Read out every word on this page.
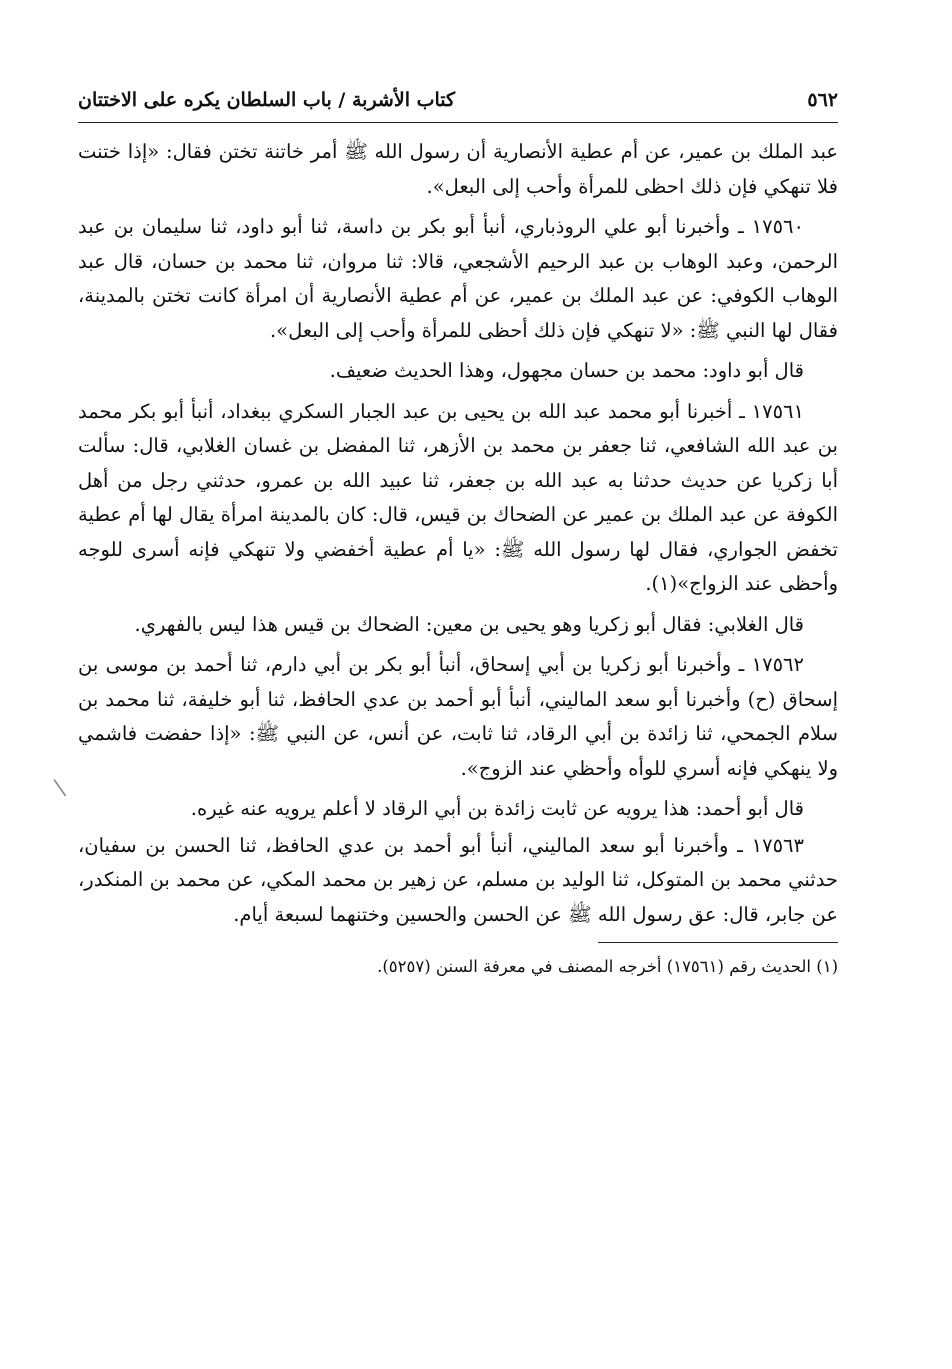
٥٦٢
كتاب الأشربة / باب السلطان يكره على الاختتان

عبد الملك بن عمير، عن أم عطية الأنصارية أن رسول الله ﷺ أمر خاتنة تختن فقال: «إذا ختنت فلا تنهكي فإن ذلك احظى للمرأة وأحب إلى البعل».

١٧٥٦٠ ـ وأخبرنا أبو علي الروذباري، أنبأ أبو بكر بن داسة، ثنا أبو داود، ثنا سليمان بن عبد الرحمن، وعبد الوهاب بن عبد الرحيم الأشجعي، قالا: ثنا مروان، ثنا محمد بن حسان، قال عبد الوهاب الكوفي: عن عبد الملك بن عمير، عن أم عطية الأنصارية أن امرأة كانت تختن بالمدينة، فقال لها النبي ﷺ: «لا تنهكي فإن ذلك أحظى للمرأة وأحب إلى البعل».

قال أبو داود: محمد بن حسان مجهول، وهذا الحديث ضعيف.

١٧٥٦١ ـ أخبرنا أبو محمد عبد الله بن يحيى بن عبد الجبار السكري ببغداد، أنبأ أبو بكر محمد بن عبد الله الشافعي، ثنا جعفر بن محمد بن الأزهر، ثنا المفضل بن غسان الغلابي، قال: سألت أبا زكريا عن حديث حدثنا به عبد الله بن جعفر، ثنا عبيد الله بن عمرو، حدثني رجل من أهل الكوفة عن عبد الملك بن عمير عن الضحاك بن قيس، قال: كان بالمدينة امرأة يقال لها أم عطية تخفض الجواري، فقال لها رسول الله ﷺ: «يا أم عطية أخفضي ولا تنهكي فإنه أسرى للوجه وأحظى عند الزواج»(١).

قال الغلابي: فقال أبو زكريا وهو يحيى بن معين: الضحاك بن قيس هذا ليس بالفهري.

١٧٥٦٢ ـ وأخبرنا أبو زكريا بن أبي إسحاق، أنبأ أبو بكر بن أبي دارم، ثنا أحمد بن موسى بن إسحاق (ح) وأخبرنا أبو سعد الماليني، أنبأ أبو أحمد بن عدي الحافظ، ثنا أبو خليفة، ثنا محمد بن سلام الجمحي، ثنا زائدة بن أبي الرقاد، ثنا ثابت، عن أنس، عن النبي ﷺ: «إذا حفضت فاشمي ولا ينهكي فإنه أسري للوأه وأحظي عند الزوج».

قال أبو أحمد: هذا يرويه عن ثابت زائدة بن أبي الرقاد لا أعلم يرويه عنه غيره.

١٧٥٦٣ ـ وأخبرنا أبو سعد الماليني، أنبأ أبو أحمد بن عدي الحافظ، ثنا الحسن بن سفيان، حدثني محمد بن المتوكل، ثنا الوليد بن مسلم، عن زهير بن محمد المكي، عن محمد بن المنكدر، عن جابر، قال: عق رسول الله ﷺ عن الحسن والحسين وختنهما لسبعة أيام.

(١) الحديث رقم (١٧٥٦١) أخرجه المصنف في معرفة السنن (٥٢٥٧).
|
